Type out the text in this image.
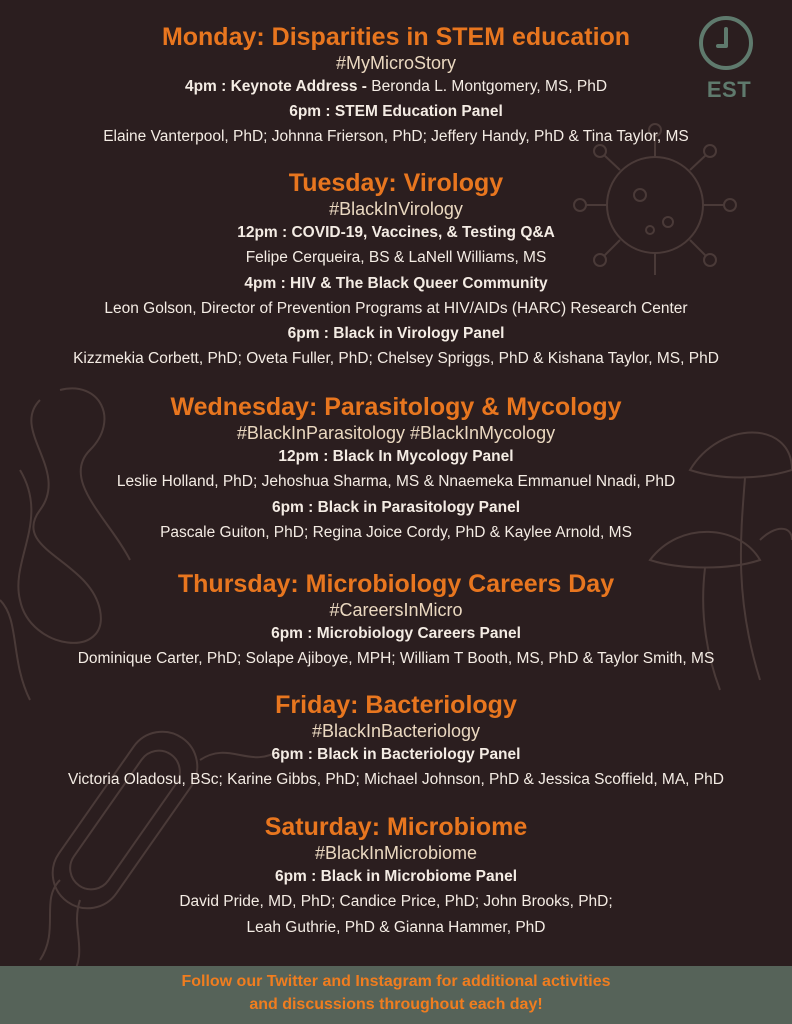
EST
Monday: Disparities in STEM education
#MyMicroStory
4pm : Keynote Address - Beronda L. Montgomery, MS, PhD
6pm : STEM Education Panel
Elaine Vanterpool, PhD; Johnna Frierson, PhD; Jeffery Handy, PhD & Tina Taylor, MS
Tuesday: Virology
#BlackInVirology
12pm : COVID-19, Vaccines, & Testing Q&A
Felipe Cerqueira, BS & LaNell Williams, MS
4pm : HIV & The Black Queer Community
Leon Golson, Director of Prevention Programs at HIV/AIDs (HARC) Research Center
6pm : Black in Virology Panel
Kizzmekia Corbett, PhD; Oveta Fuller, PhD; Chelsey Spriggs, PhD & Kishana Taylor, MS, PhD
Wednesday: Parasitology & Mycology
#BlackInParasitology #BlackInMycology
12pm : Black In Mycology Panel
Leslie Holland, PhD; Jehoshua Sharma, MS & Nnaemeka Emmanuel Nnadi, PhD
6pm : Black in Parasitology Panel
Pascale Guiton, PhD; Regina Joice Cordy, PhD & Kaylee Arnold, MS
Thursday: Microbiology Careers Day
#CareersInMicro
6pm : Microbiology Careers Panel
Dominique Carter, PhD; Solape Ajiboye, MPH; William T Booth, MS, PhD & Taylor Smith, MS
Friday: Bacteriology
#BlackInBacteriology
6pm : Black in Bacteriology Panel
Victoria Oladosu, BSc; Karine Gibbs, PhD; Michael Johnson, PhD & Jessica Scoffield, MA, PhD
Saturday: Microbiome
#BlackInMicrobiome
6pm : Black in Microbiome Panel
David Pride, MD, PhD; Candice Price, PhD; John Brooks, PhD;
Leah Guthrie, PhD & Gianna Hammer, PhD
Follow our Twitter and Instagram for additional activities
and discussions throughout each day!
